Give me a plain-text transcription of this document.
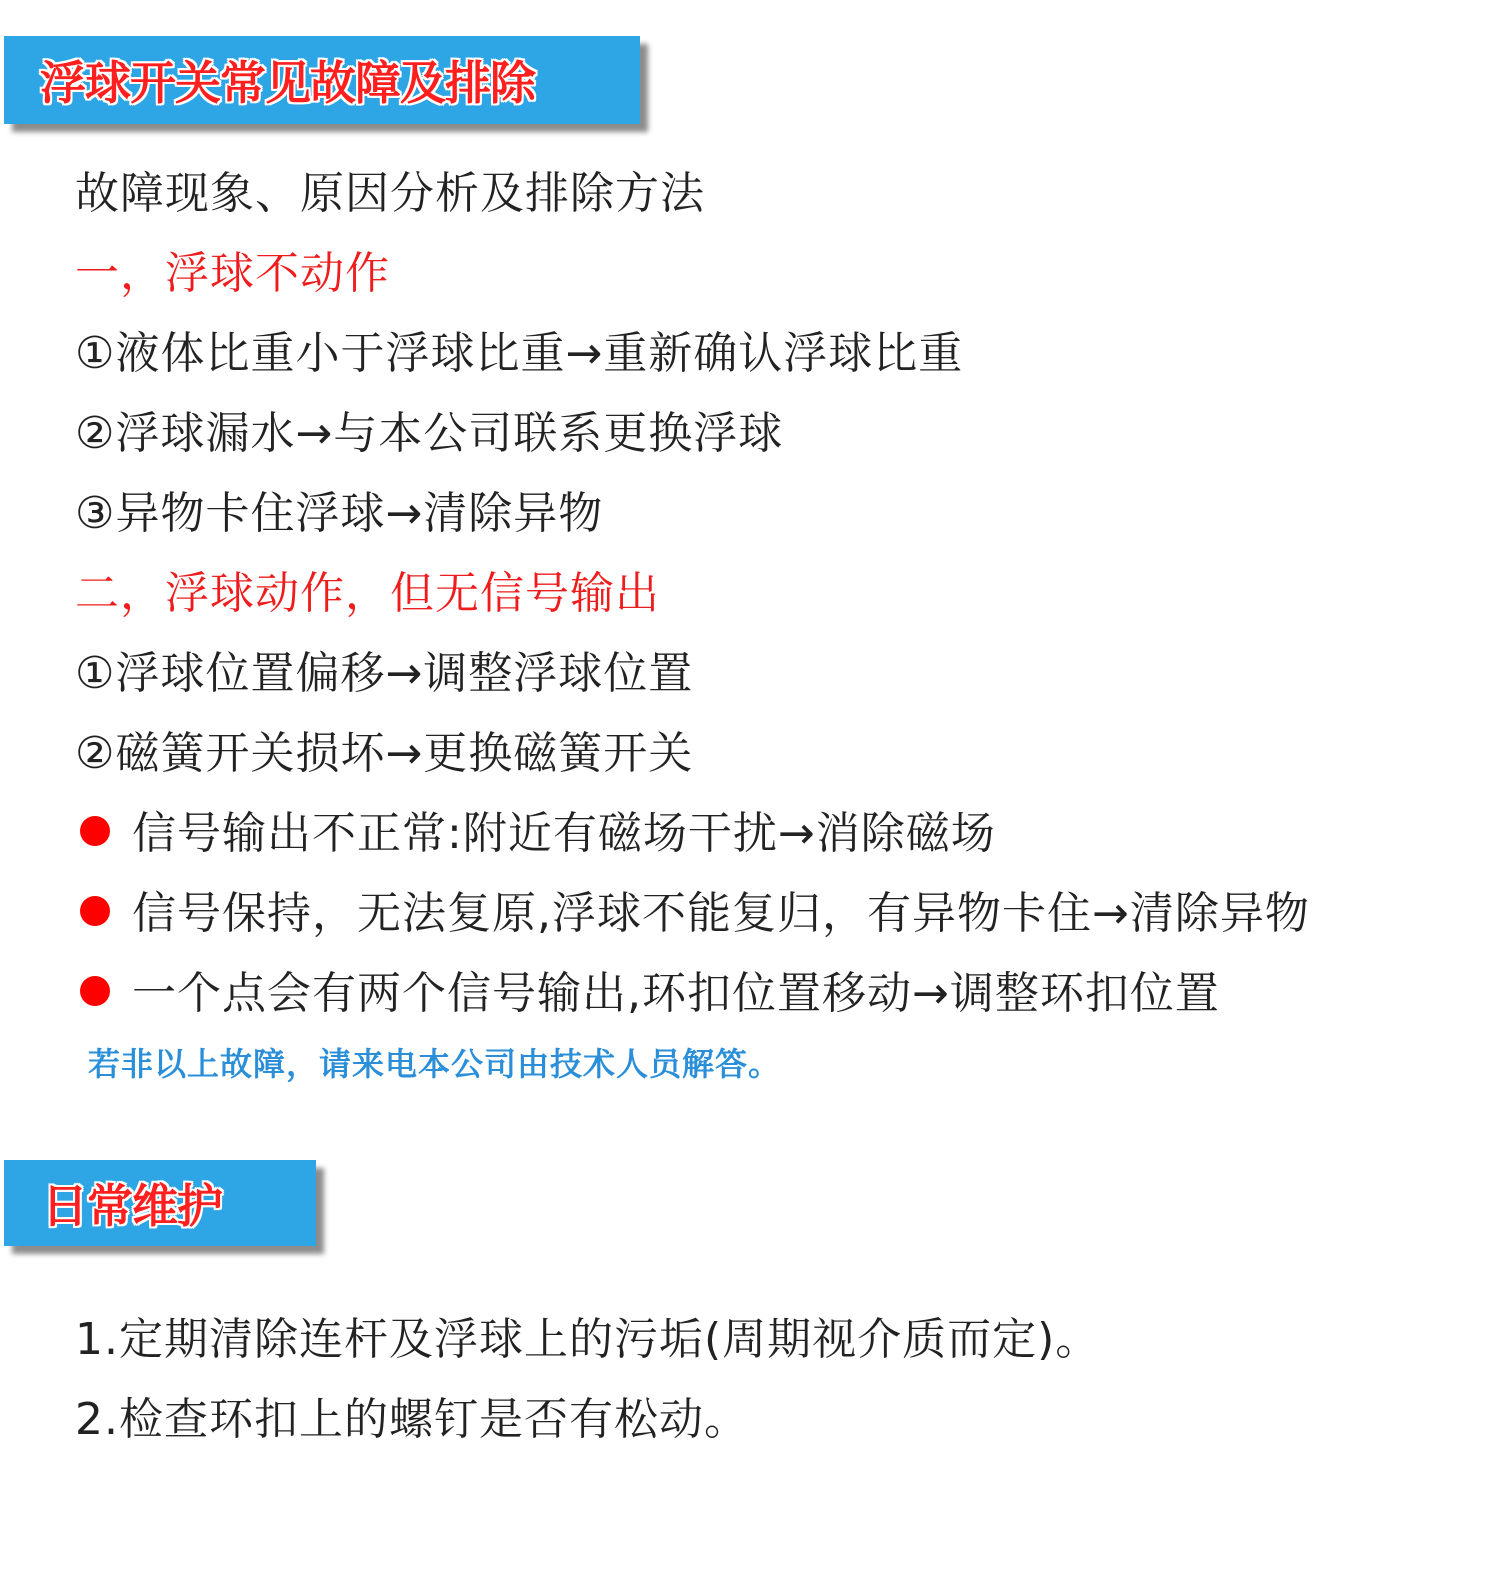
浮球开关常见故障及排除
故障现象、原因分析及排除方法
一，浮球不动作
①液体比重小于浮球比重→重新确认浮球比重
②浮球漏水→与本公司联系更换浮球
③异物卡住浮球→清除异物
二，浮球动作，但无信号输出
①浮球位置偏移→调整浮球位置
②磁簧开关损坏→更换磁簧开关
信号输出不正常:附近有磁场干扰→消除磁场
信号保持，无法复原,浮球不能复归，有异物卡住→清除异物
一个点会有两个信号输出,环扣位置移动→调整环扣位置
若非以上故障，请来电本公司由技术人员解答。
日常维护
1.定期清除连杆及浮球上的污垢(周期视介质而定)。
2.检查环扣上的螺钉是否有松动。
